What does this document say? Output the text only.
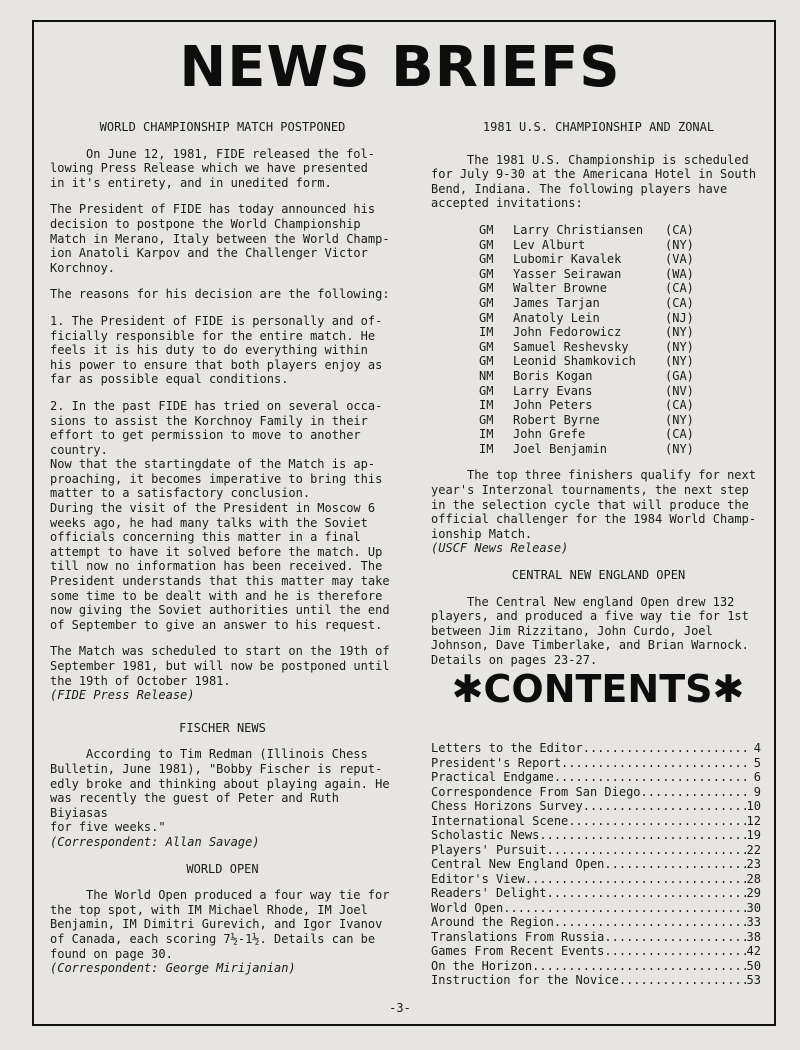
NEWS BRIEFS

WORLD CHAMPIONSHIP MATCH POSTPONED

On June 12, 1981, FIDE released the fol-
lowing Press Release which we have presented
in it's entirety, and in unedited form.

The President of FIDE has today announced his
decision to postpone the World Championship
Match in Merano, Italy between the World Champ-
ion Anatoli Karpov and the Challenger Victor
Korchnoy.

The reasons for his decision are the following:

1. The President of FIDE is personally and of-
ficially responsible for the entire match. He
feels it is his duty to do everything within
his power to ensure that both players enjoy as
far as possible equal conditions.

2. In the past FIDE has tried on several occa-
sions to assist the Korchnoy Family in their
effort to get permission to move to another
country.
Now that the startingdate of the Match is ap-
proaching, it becomes imperative to bring this
matter to a satisfactory conclusion.
During the visit of the President in Moscow 6
weeks ago, he had many talks with the Soviet
officials concerning this matter in a final
attempt to have it solved before the match. Up
till now no information has been received. The
President understands that this matter may take
some time to be dealt with and he is therefore
now giving the Soviet authorities until the end
of September to give an answer to his request.

The Match was scheduled to start on the 19th of
September 1981, but will now be postponed until
the 19th of October 1981.

(FIDE Press Release)

FISCHER NEWS

According to Tim Redman (Illinois Chess
Bulletin, June 1981), "Bobby Fischer is reput-
edly broke and thinking about playing again. He
was recently the guest of Peter and Ruth Biyiasas
for five weeks."

(Correspondent: Allan Savage)

WORLD OPEN

The World Open produced a four way tie for
the top spot, with IM Michael Rhode, IM Joel
Benjamin, IM Dimitri Gurevich, and Igor Ivanov
of Canada, each scoring 7½-1½. Details can be
found on page 30.

(Correspondent: George Mirijanian)

1981 U.S. CHAMPIONSHIP AND ZONAL

The 1981 U.S. Championship is scheduled
for July 9-30 at the Americana Hotel in South
Bend, Indiana. The following players have
accepted invitations:

GM	Larry Christiansen	(CA)
GM	Lev Alburt	(NY)
GM	Lubomir Kavalek	(VA)
GM	Yasser Seirawan	(WA)
GM	Walter Browne	(CA)
GM	James Tarjan	(CA)
GM	Anatoly Lein	(NJ)
IM	John Fedorowicz	(NY)
GM	Samuel Reshevsky	(NY)
GM	Leonid Shamkovich	(NY)
NM	Boris Kogan	(GA)
GM	Larry Evans	(NV)
IM	John Peters	(CA)
GM	Robert Byrne	(NY)
IM	John Grefe	(CA)
IM	Joel Benjamin	(NY)

The top three finishers qualify for next
year's Interzonal tournaments, the next step
in the selection cycle that will produce the
official challenger for the 1984 World Champ-
ionship Match.

(USCF News Release)

CENTRAL NEW ENGLAND OPEN

The Central New england Open drew 132
players, and produced a five way tie for 1st
between Jim Rizzitano, John Curdo, Joel
Johnson, Dave Timberlake, and Brian Warnock.
Details on pages 23-27.

✱CONTENTS✱
Letters to the Editor .....	4
President's Report .....	5
Practical Endgame .....	6
Correspondence From San Diego .....	9
Chess Horizons Survey .....	10
International Scene .....	12
Scholastic News .....	19
Players' Pursuit .....	22
Central New England Open .....	23
Editor's View .....	28
Readers' Delight .....	29
World Open .....	30
Around the Region .....	33
Translations From Russia .....	38
Games From Recent Events .....	42
On the Horizon .....	50
Instruction for the Novice .....	53
-3-
